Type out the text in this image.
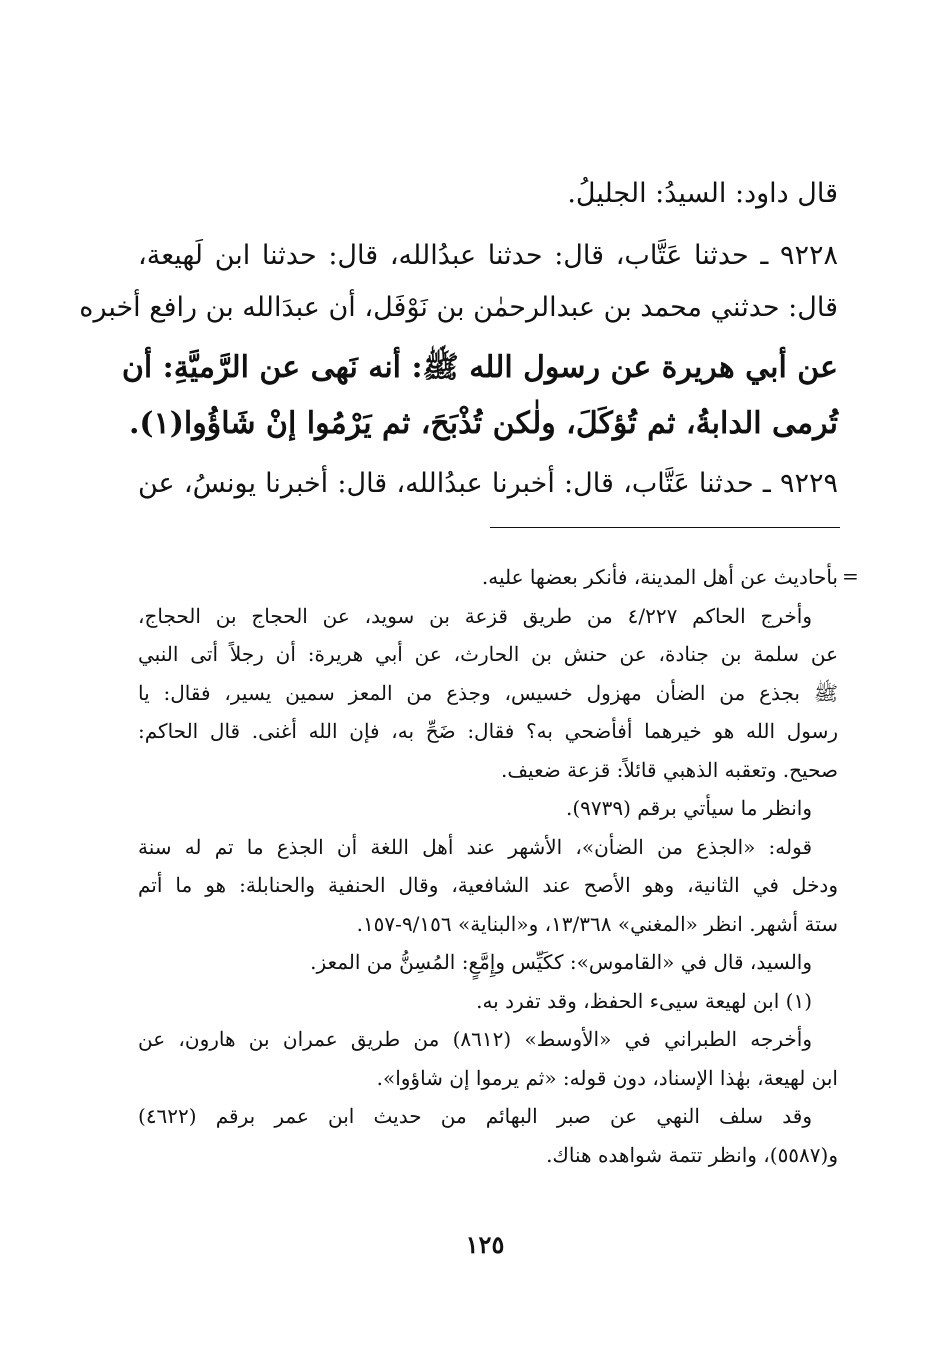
قال داود: السيدُ: الجليلُ.
٩٢٢٨ ـ حدثنا عَتَّاب، قال: حدثنا عبدُالله، قال: حدثنا ابن لَهيعة،
قال: حدثني محمد بن عبدالرحمٰن بن نَوْفَل، أن عبدَالله بن رافع أخبره
عن أبي هريرة عن رسول الله ﷺ: أنه نَهى عن الرَّميَّةِ: أن
تُرمى الدابةُ، ثم تُؤكَلَ، ولٰكن تُذْبَحَ، ثم يَرْمُوا إنْ شَاؤُوا(١).
٩٢٢٩ ـ حدثنا عَتَّاب، قال: أخبرنا عبدُالله، قال: أخبرنا يونسُ، عن
=
بأحاديث عن أهل المدينة، فأنكر بعضها عليه.
وأخرج الحاكم ٤/٢٢٧ من طريق قزعة بن سويد، عن الحجاج بن الحجاج،
عن سلمة بن جنادة، عن حنش بن الحارث، عن أبي هريرة: أن رجلاً أتى النبي
ﷺ بجذع من الضأن مهزول خسيس، وجذع من المعز سمين يسير، فقال: يا
رسول الله هو خيرهما أفأضحي به؟ فقال: ضَحِّ به، فإن الله أغنى. قال الحاكم:
صحيح. وتعقبه الذهبي قائلاً: قزعة ضعيف.
وانظر ما سيأتي برقم (٩٧٣٩).
قوله: «الجذع من الضأن»، الأشهر عند أهل اللغة أن الجذع ما تم له سنة
ودخل في الثانية، وهو الأصح عند الشافعية، وقال الحنفية والحنابلة: هو ما أتم
ستة أشهر. انظر «المغني» ١٣/٣٦٨، و«البناية» ٩/١٥٦-١٥٧.
والسيد، قال في «القاموس»: ككَيِّس وإِمَّعٍ: المُسِنُّ من المعز.
(١) ابن لهيعة سيىء الحفظ، وقد تفرد به.
وأخرجه الطبراني في «الأوسط» (٨٦١٢) من طريق عمران بن هارون، عن
ابن لهيعة، بهٰذا الإسناد، دون قوله: «ثم يرموا إن شاؤوا».
وقد سلف النهي عن صبر البهائم من حديث ابن عمر برقم (٤٦٢٢)
و(٥٥٨٧)، وانظر تتمة شواهده هناك.
١٢٥
